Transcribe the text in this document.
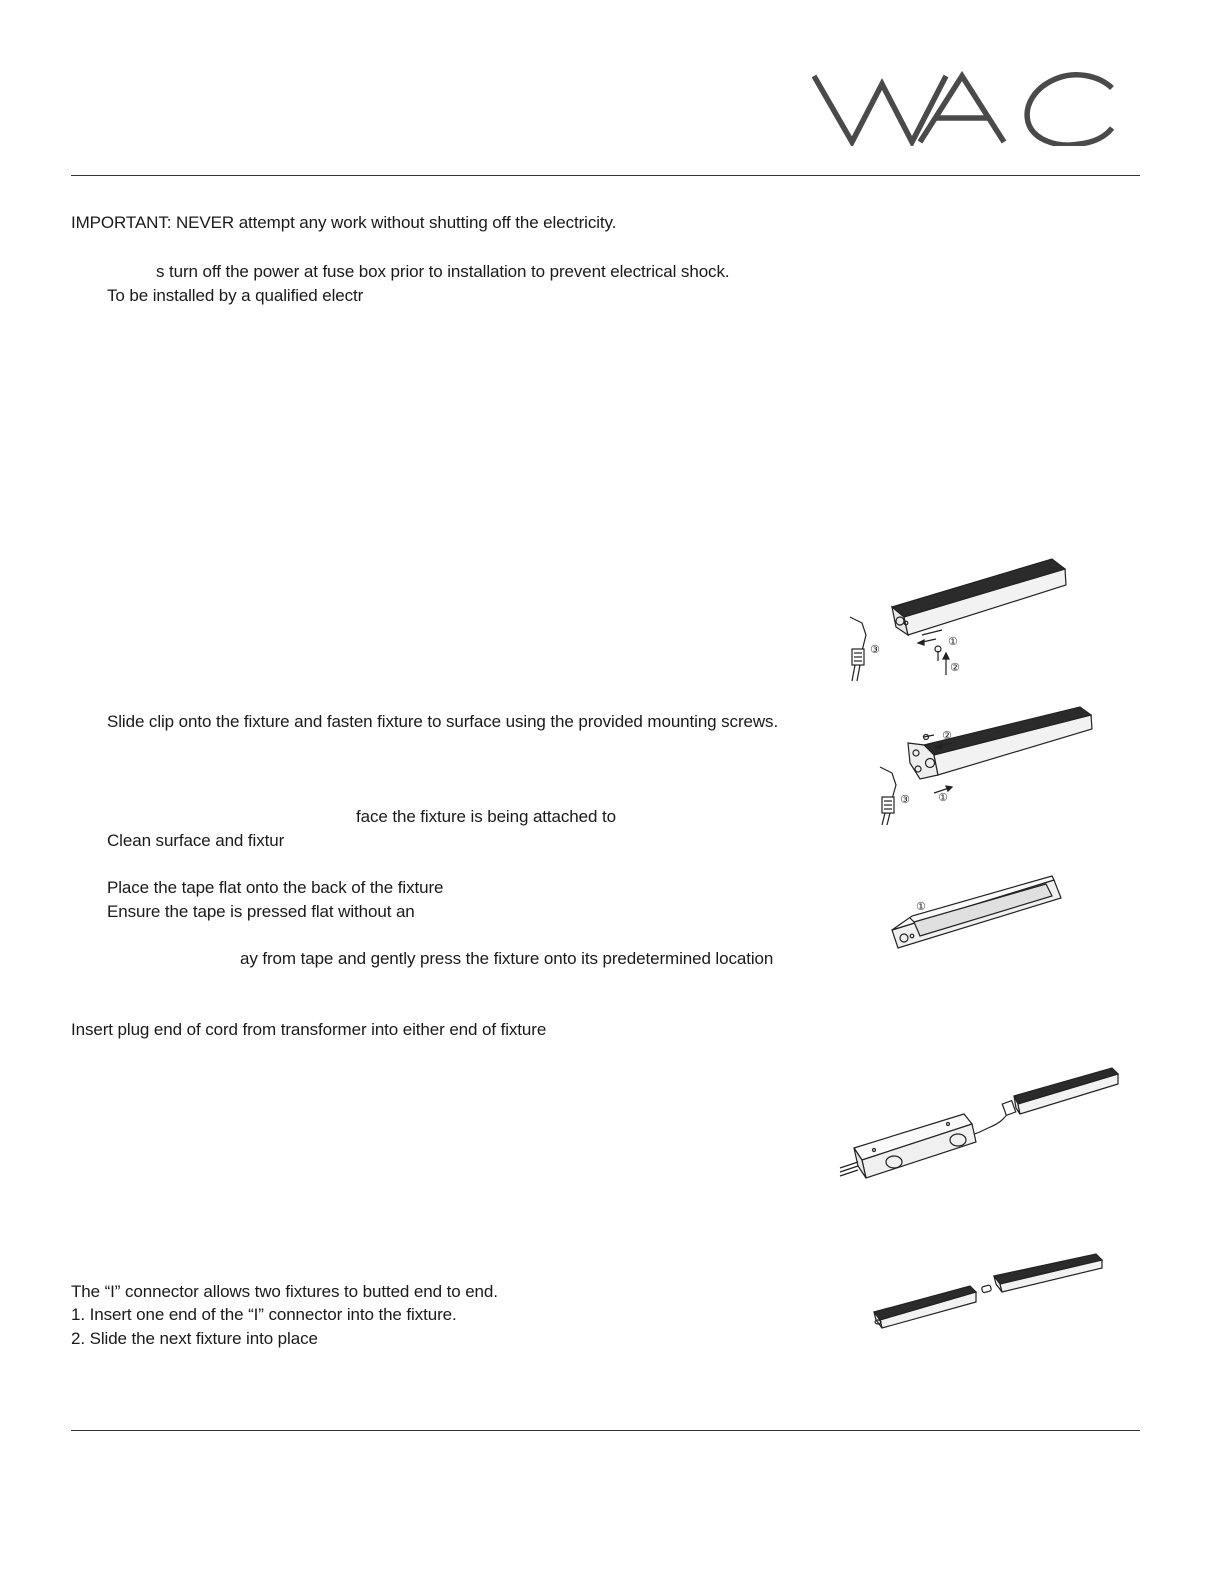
IMPORTANT: NEVER attempt any work without shutting off the electricity.
s turn off the power at fuse box prior to installation to prevent electrical shock.
To be installed by a qualified electr
Slide clip onto the fixture and fasten fixture to surface using the provided mounting screws.
face the fixture is being attached to
Clean surface and fixtur
Place the tape flat onto the back of the fixture
Ensure the tape is pressed flat without an
ay from tape and gently press the fixture onto its predetermined location
Insert plug end of cord from transformer into either end of fixture
The “I” connector allows two fixtures to butted end to end.
1. Insert one end of the “I” connector into the fixture.
2. Slide the next fixture into place
①
②
③
①
②
③
①
